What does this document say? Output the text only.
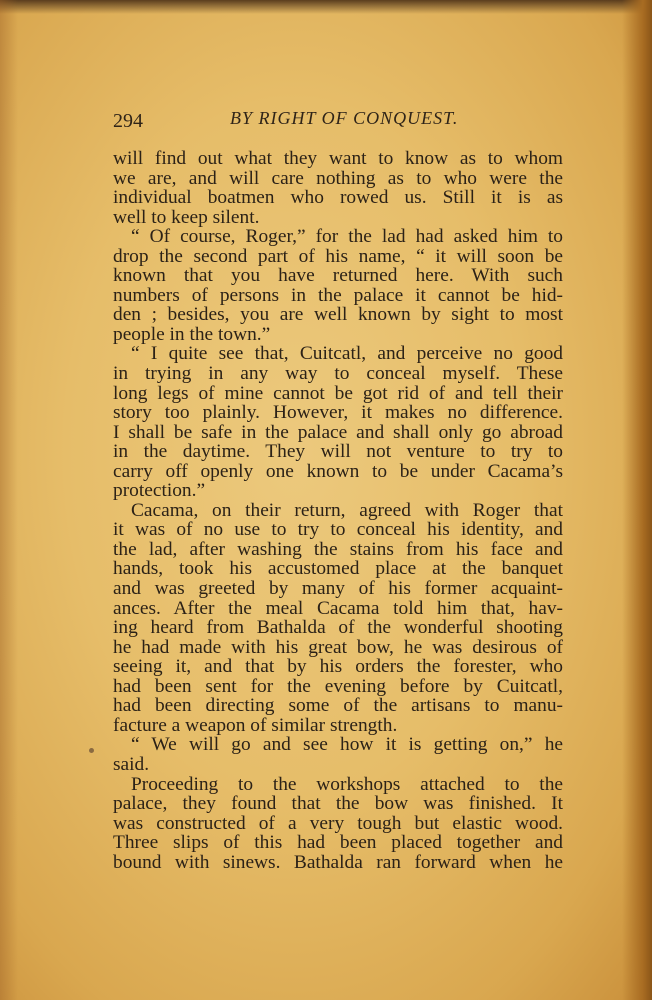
294	BY RIGHT OF CONQUEST.
will find out what they want to know as to whom
we are, and will care nothing as to who were the
individual boatmen who rowed us. Still it is as
well to keep silent.
“ Of course, Roger,” for the lad had asked him to
drop the second part of his name, “ it will soon be
known that you have returned here. With such
numbers of persons in the palace it cannot be hid-
den ; besides, you are well known by sight to most
people in the town.”
“ I quite see that, Cuitcatl, and perceive no good
in trying in any way to conceal myself. These
long legs of mine cannot be got rid of and tell their
story too plainly. However, it makes no difference.
I shall be safe in the palace and shall only go abroad
in the daytime. They will not venture to try to
carry off openly one known to be under Cacama’s
protection.”
Cacama, on their return, agreed with Roger that
it was of no use to try to conceal his identity, and
the lad, after washing the stains from his face and
hands, took his accustomed place at the banquet
and was greeted by many of his former acquaint-
ances. After the meal Cacama told him that, hav-
ing heard from Bathalda of the wonderful shooting
he had made with his great bow, he was desirous of
seeing it, and that by his orders the forester, who
had been sent for the evening before by Cuitcatl,
had been directing some of the artisans to manu-
facture a weapon of similar strength.
“ We will go and see how it is getting on,” he
said.
Proceeding to the workshops attached to the
palace, they found that the bow was finished. It
was constructed of a very tough but elastic wood.
Three slips of this had been placed together and
bound with sinews. Bathalda ran forward when he
